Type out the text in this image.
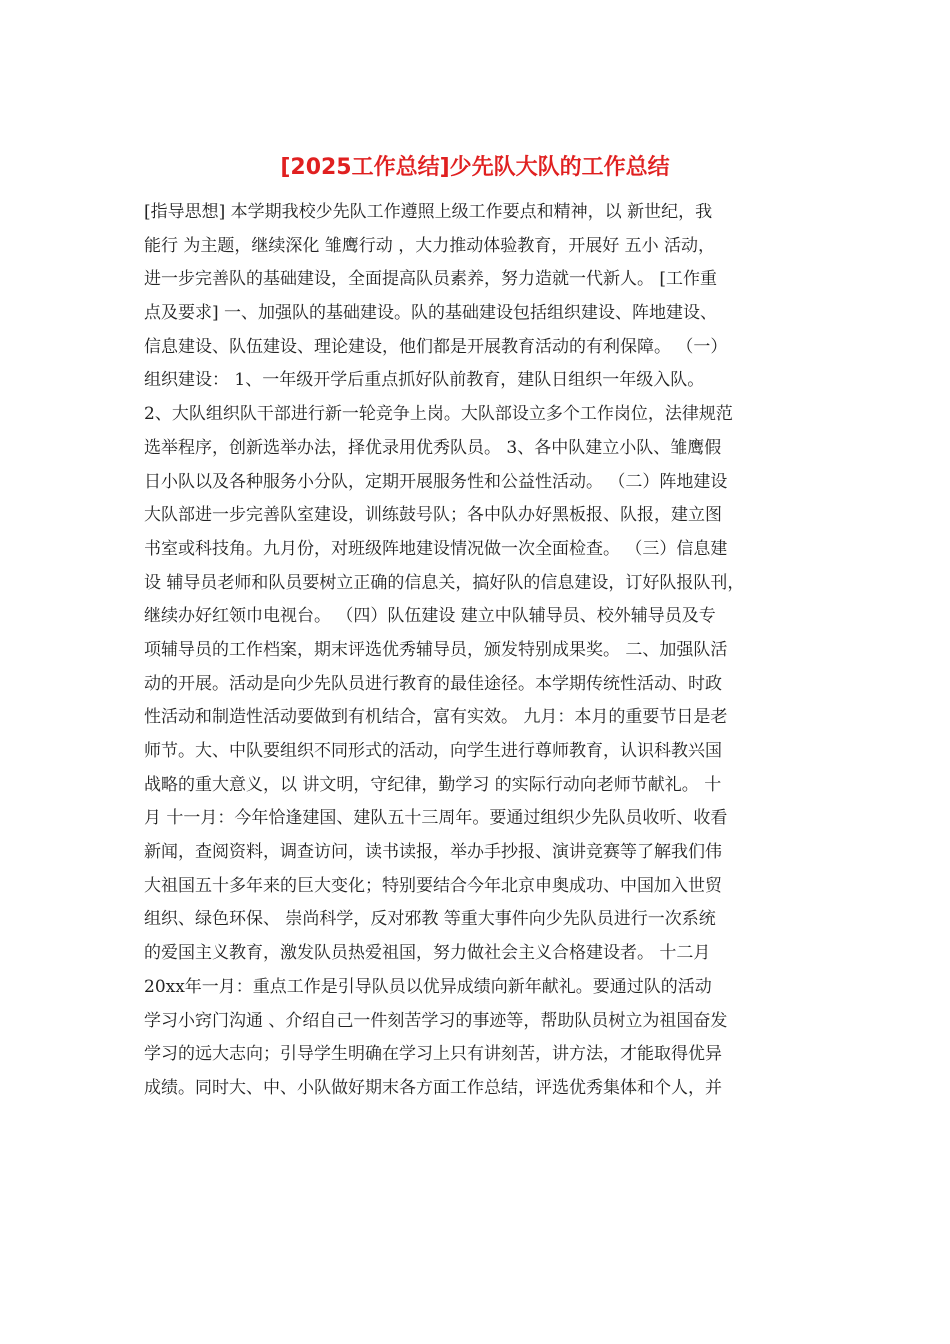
[2025工作总结]少先队大队的工作总结
[指导思想] 本学期我校少先队工作遵照上级工作要点和精神，以 新世纪，我
能行 为主题，继续深化 雏鹰行动 ，大力推动体验教育，开展好 五小 活动，
进一步完善队的基础建设，全面提高队员素养，努力造就一代新人。 [工作重
点及要求] 一、加强队的基础建设。队的基础建设包括组织建设、阵地建设、
信息建设、队伍建设、理论建设，他们都是开展教育活动的有利保障。 （一）
组织建设： 1、一年级开学后重点抓好队前教育，建队日组织一年级入队。
2、大队组织队干部进行新一轮竞争上岗。大队部设立多个工作岗位，法律规范
选举程序，创新选举办法，择优录用优秀队员。 3、各中队建立小队、雏鹰假
日小队以及各种服务小分队，定期开展服务性和公益性活动。 （二）阵地建设
大队部进一步完善队室建设，训练鼓号队；各中队办好黑板报、队报，建立图
书室或科技角。九月份，对班级阵地建设情况做一次全面检查。 （三）信息建
设 辅导员老师和队员要树立正确的信息关，搞好队的信息建设，订好队报队刊，
继续办好红领巾电视台。 （四）队伍建设 建立中队辅导员、校外辅导员及专
项辅导员的工作档案，期末评选优秀辅导员，颁发特别成果奖。 二、加强队活
动的开展。活动是向少先队员进行教育的最佳途径。本学期传统性活动、时政
性活动和制造性活动要做到有机结合，富有实效。 九月：本月的重要节日是老
师节。大、中队要组织不同形式的活动，向学生进行尊师教育，认识科教兴国
战略的重大意义，以 讲文明，守纪律，勤学习 的实际行动向老师节献礼。 十
月 十一月：今年恰逢建国、建队五十三周年。要通过组织少先队员收听、收看
新闻，查阅资料，调查访问，读书读报，举办手抄报、演讲竞赛等了解我们伟
大祖国五十多年来的巨大变化；特别要结合今年北京申奥成功、中国加入世贸
组织、绿色环保、 崇尚科学，反对邪教 等重大事件向少先队员进行一次系统
的爱国主义教育，激发队员热爱祖国，努力做社会主义合格建设者。 十二月
20xx年一月：重点工作是引导队员以优异成绩向新年献礼。要通过队的活动
学习小窍门沟通 、介绍自己一件刻苦学习的事迹等，帮助队员树立为祖国奋发
学习的远大志向；引导学生明确在学习上只有讲刻苦，讲方法，才能取得优异
成绩。同时大、中、小队做好期末各方面工作总结，评选优秀集体和个人，并
